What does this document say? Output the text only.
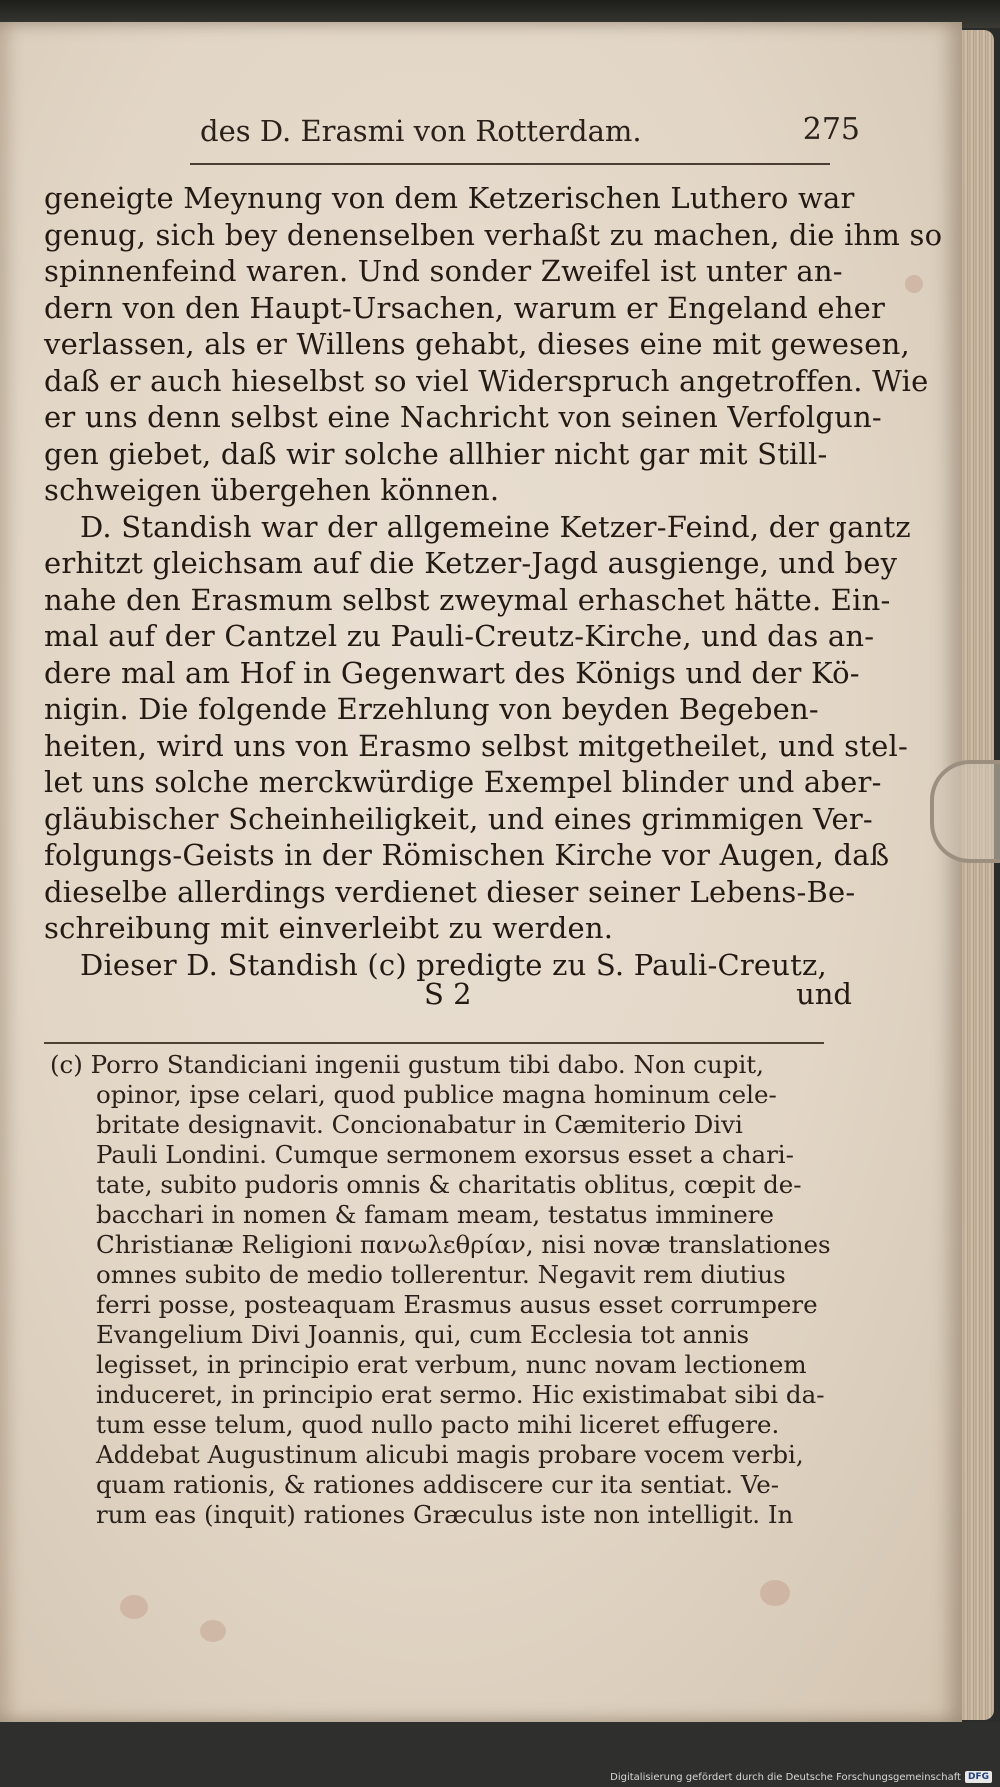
des D. Erasmi von Rotterdam.	275
geneigte Meynung von dem Ketzerischen Luthero war
genug, sich bey denenselben verhaßt zu machen, die ihm so
spinnenfeind waren. Und sonder Zweifel ist unter an-
dern von den Haupt-Ursachen, warum er Engeland eher
verlassen, als er Willens gehabt, dieses eine mit gewesen,
daß er auch hieselbst so viel Widerspruch angetroffen. Wie
er uns denn selbst eine Nachricht von seinen Verfolgun-
gen giebet, daß wir solche allhier nicht gar mit Still-
schweigen übergehen können.
D. Standish war der allgemeine Ketzer-Feind, der gantz
erhitzt gleichsam auf die Ketzer-Jagd ausgienge, und bey
nahe den Erasmum selbst zweymal erhaschet hätte. Ein-
mal auf der Cantzel zu Pauli-Creutz-Kirche, und das an-
dere mal am Hof in Gegenwart des Königs und der Kö-
nigin. Die folgende Erzehlung von beyden Begeben-
heiten, wird uns von Erasmo selbst mitgetheilet, und stel-
let uns solche merckwürdige Exempel blinder und aber-
gläubischer Scheinheiligkeit, und eines grimmigen Ver-
folgungs-Geists in der Römischen Kirche vor Augen, daß
dieselbe allerdings verdienet dieser seiner Lebens-Be-
schreibung mit einverleibt zu werden.
Dieser D. Standish (c) predigte zu S. Pauli-Creutz,
S 2	und
(c) Porro Standiciani ingenii gustum tibi dabo. Non cupit,
opinor, ipse celari, quod publice magna hominum cele-
britate designavit. Concionabatur in Cæmiterio Divi
Pauli Londini. Cumque sermonem exorsus esset a chari-
tate, subito pudoris omnis & charitatis oblitus, cœpit de-
bacchari in nomen & famam meam, testatus imminere
Christianæ Religioni πανωλεθρίαν, nisi novæ translationes
omnes subito de medio tollerentur. Negavit rem diutius
ferri posse, posteaquam Erasmus ausus esset corrumpere
Evangelium Divi Joannis, qui, cum Ecclesia tot annis
legisset, in principio erat verbum, nunc novam lectionem
induceret, in principio erat sermo. Hic existimabat sibi da-
tum esse telum, quod nullo pacto mihi liceret effugere.
Addebat Augustinum alicubi magis probare vocem verbi,
quam rationis, & rationes addiscere cur ita sentiat. Ve-
rum eas (inquit) rationes Græculus iste non intelligit. In
Digitalisierung gefördert durch die Deutsche Forschungsgemeinschaft DFG
